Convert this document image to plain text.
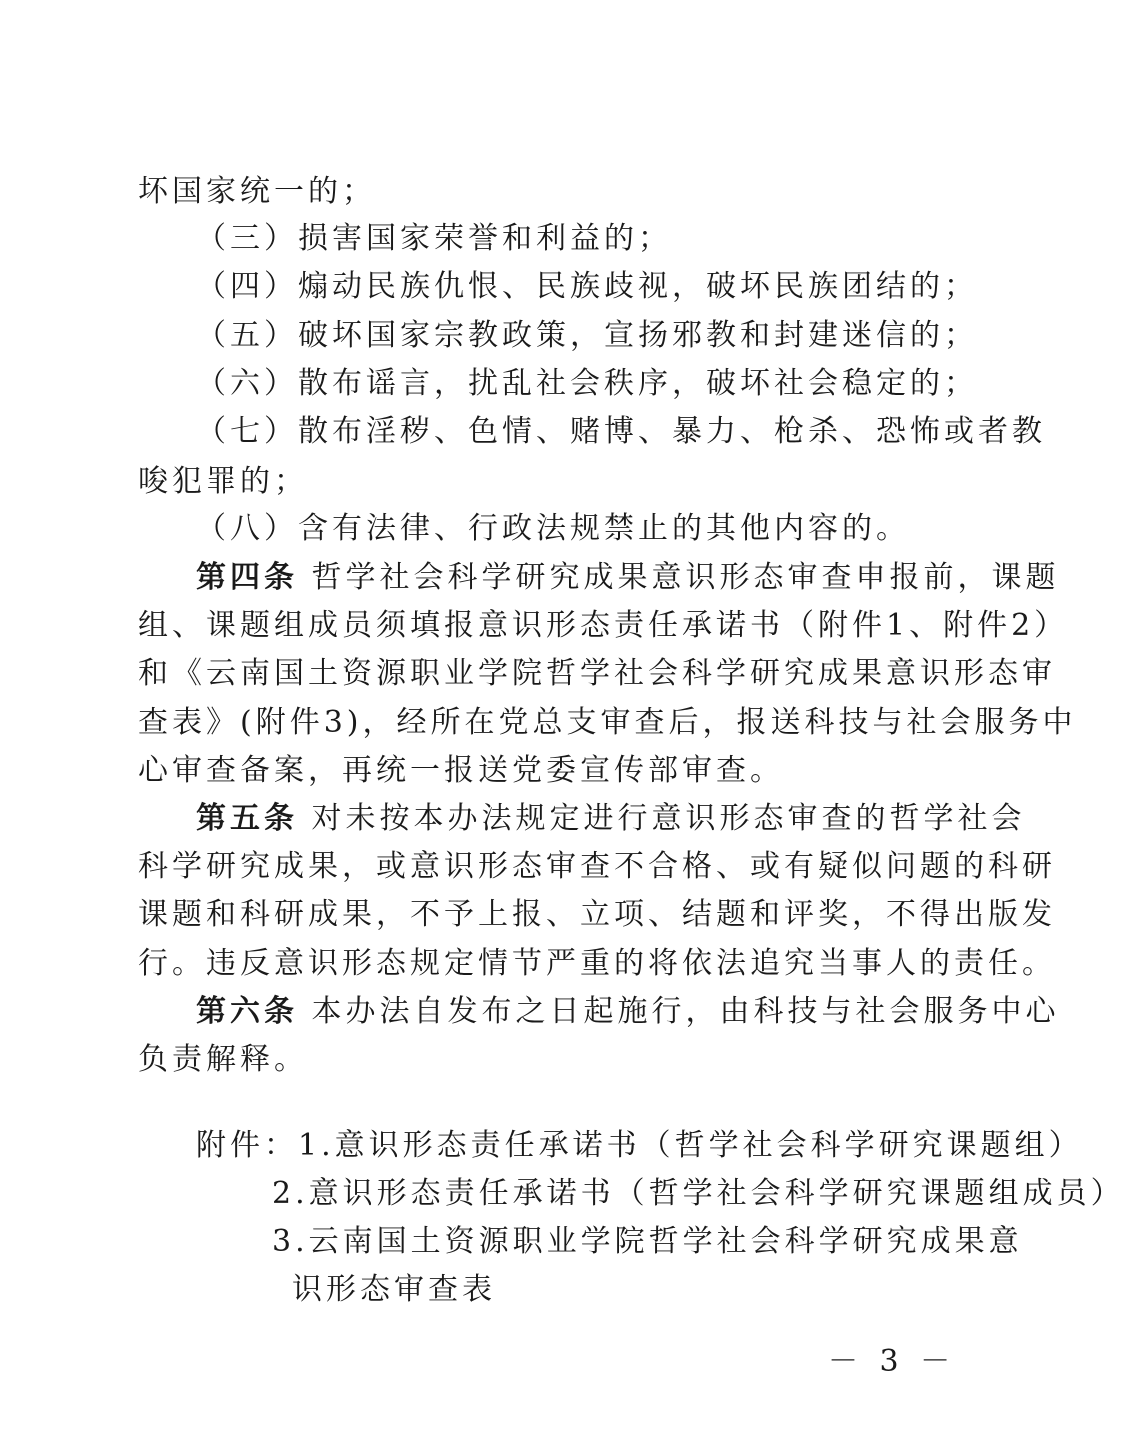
坏国家统一的；
（三）损害国家荣誉和利益的；
（四）煽动民族仇恨、民族歧视，破坏民族团结的；
（五）破坏国家宗教政策，宣扬邪教和封建迷信的；
（六）散布谣言，扰乱社会秩序，破坏社会稳定的；
（七）散布淫秽、色情、赌博、暴力、枪杀、恐怖或者教
唆犯罪的；
（八）含有法律、行政法规禁止的其他内容的。
第四条 哲学社会科学研究成果意识形态审查申报前，课题
组、课题组成员须填报意识形态责任承诺书（附件1、附件2）
和《云南国土资源职业学院哲学社会科学研究成果意识形态审
查表》(附件3)，经所在党总支审查后，报送科技与社会服务中
心审查备案，再统一报送党委宣传部审查。
第五条 对未按本办法规定进行意识形态审查的哲学社会
科学研究成果，或意识形态审查不合格、或有疑似问题的科研
课题和科研成果，不予上报、立项、结题和评奖，不得出版发
行。违反意识形态规定情节严重的将依法追究当事人的责任。
第六条 本办法自发布之日起施行，由科技与社会服务中心
负责解释。
附件：1.意识形态责任承诺书（哲学社会科学研究课题组）
2.意识形态责任承诺书（哲学社会科学研究课题组成员）
3.云南国土资源职业学院哲学社会科学研究成果意
识形态审查表
－ 3 －
